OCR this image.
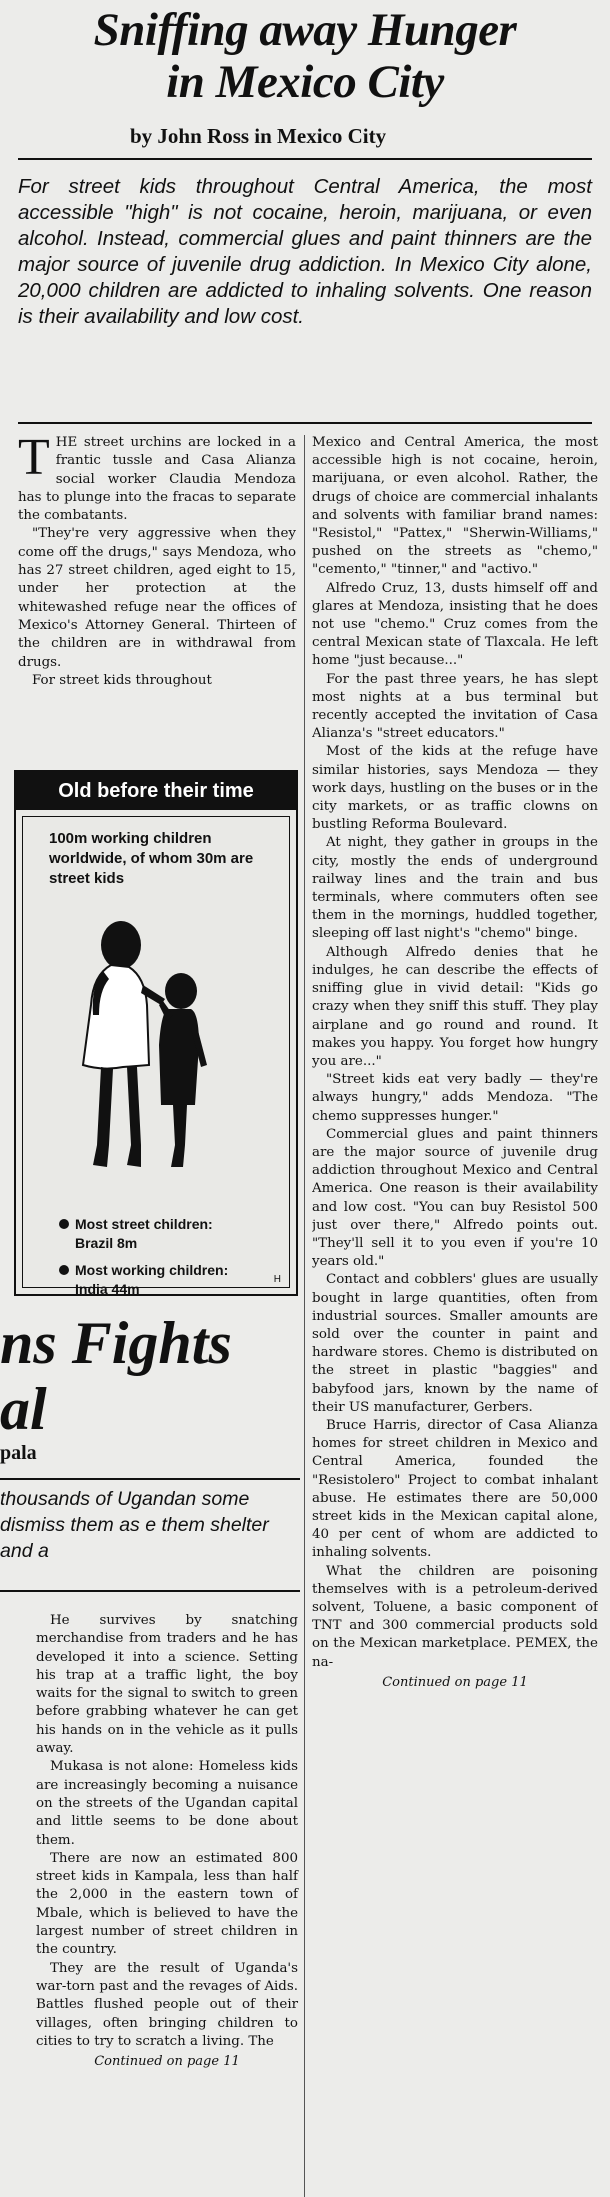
Sniffing away Hunger
in Mexico City
by John Ross in Mexico City
For street kids throughout Central America, the most accessible "high" is not cocaine, heroin, marijuana, or even alcohol. Instead, commercial glues and paint thinners are the major source of juvenile drug addiction. In Mexico City alone, 20,000 children are addicted to inhaling solvents. One reason is their availability and low cost.

THE street urchins are locked in a frantic tussle and Casa Alianza social worker Claudia Mendoza has to plunge into the fracas to separate the combatants.

"They're very aggressive when they come off the drugs," says Mendoza, who has 27 street children, aged eight to 15, under her protection at the whitewashed refuge near the offices of Mexico's Attorney General. Thirteen of the children are in withdrawal from drugs.

For street kids throughout

Old before their time
100m working children worldwide, of whom 30m are street kids
Most street children:
Brazil 8m
Most working children:
India 44m
H
ns Fights
al
pala
thousands of Ugandan some dismiss them as e them shelter and a

He survives by snatching merchandise from traders and he has developed it into a science. Setting his trap at a traffic light, the boy waits for the signal to switch to green before grabbing whatever he can get his hands on in the vehicle as it pulls away.

Mukasa is not alone: Homeless kids are increasingly becoming a nuisance on the streets of the Ugandan capital and little seems to be done about them.

There are now an estimated 800 street kids in Kampala, less than half the 2,000 in the eastern town of Mbale, which is believed to have the largest number of street children in the country.

They are the result of Uganda's war-torn past and the revages of Aids. Battles flushed people out of their villages, often bringing children to cities to try to scratch a living. The

Continued on page 11

Mexico and Central America, the most accessible high is not cocaine, heroin, marijuana, or even alcohol. Rather, the drugs of choice are commercial inhalants and solvents with familiar brand names: "Resistol," "Pattex," "Sherwin-Williams," pushed on the streets as "chemo," "cemento," "tinner," and "activo."

Alfredo Cruz, 13, dusts himself off and glares at Mendoza, insisting that he does not use "chemo." Cruz comes from the central Mexican state of Tlaxcala. He left home "just because..."

For the past three years, he has slept most nights at a bus terminal but recently accepted the invitation of Casa Alianza's "street educators."

Most of the kids at the refuge have similar histories, says Mendoza — they work days, hustling on the buses or in the city markets, or as traffic clowns on bustling Reforma Boulevard.

At night, they gather in groups in the city, mostly the ends of underground railway lines and the train and bus terminals, where commuters often see them in the mornings, huddled together, sleeping off last night's "chemo" binge.

Although Alfredo denies that he indulges, he can describe the effects of sniffing glue in vivid detail: "Kids go crazy when they sniff this stuff. They play airplane and go round and round. It makes you happy. You forget how hungry you are..."

"Street kids eat very badly — they're always hungry," adds Mendoza. "The chemo suppresses hunger."

Commercial glues and paint thinners are the major source of juvenile drug addiction throughout Mexico and Central America. One reason is their availability and low cost. "You can buy Resistol 500 just over there," Alfredo points out. "They'll sell it to you even if you're 10 years old."

Contact and cobblers' glues are usually bought in large quantities, often from industrial sources. Smaller amounts are sold over the counter in paint and hardware stores. Chemo is distributed on the street in plastic "baggies" and babyfood jars, known by the name of their US manufacturer, Gerbers.

Bruce Harris, director of Casa Alianza homes for street children in Mexico and Central America, founded the "Resistolero" Project to combat inhalant abuse. He estimates there are 50,000 street kids in the Mexican capital alone, 40 per cent of whom are addicted to inhaling solvents.

What the children are poisoning themselves with is a petroleum-derived solvent, Toluene, a basic component of TNT and 300 commercial products sold on the Mexican marketplace. PEMEX, the na-

Continued on page 11
